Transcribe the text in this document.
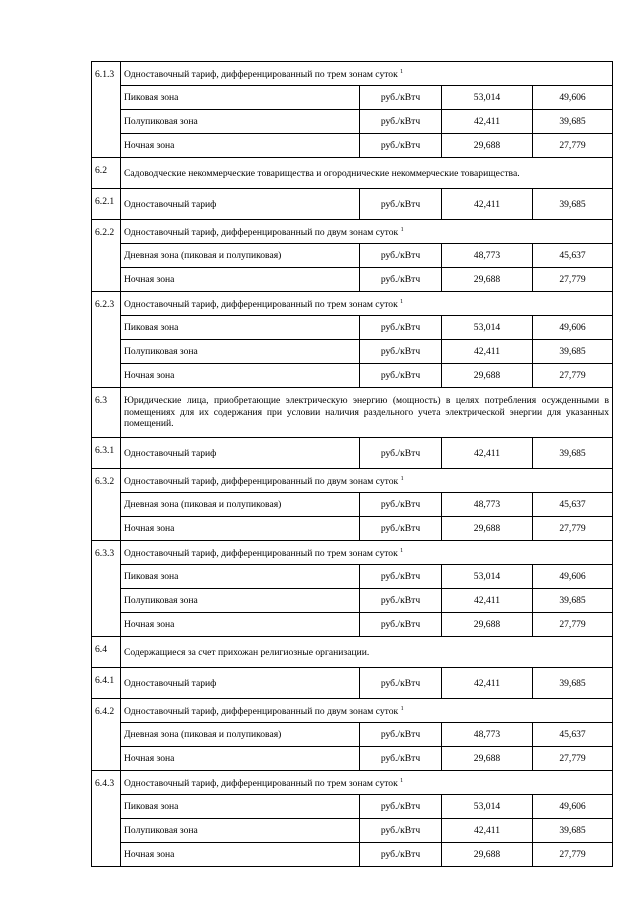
6.1.3	Одноставочный тариф, дифференцированный по трем зонам суток $^1$
	Пиковая зона	руб./кВтч	53,014	49,606
	Полупиковая зона	руб./кВтч	42,411	39,685
	Ночная зона	руб./кВтч	29,688	27,779
6.2	Садоводческие некоммерческие товарищества и огороднические некоммерческие товарищества.			
6.2.1	Одноставочный тариф	руб./кВтч	42,411	39,685
6.2.2	Одноставочный тариф, дифференцированный по двум зонам суток $^1$
	Дневная зона (пиковая и полупиковая)	руб./кВтч	48,773	45,637
	Ночная зона	руб./кВтч	29,688	27,779
6.2.3	Одноставочный тариф, дифференцированный по трем зонам суток $^1$
	Пиковая зона	руб./кВтч	53,014	49,606
	Полупиковая зона	руб./кВтч	42,411	39,685
	Ночная зона	руб./кВтч	29,688	27,779
6.3	Юридические лица, приобретающие электрическую энергию (мощность) в целях потребления осужденными в помещениях для их содержания при условии наличия раздельного учета электрической энергии для указанных помещений.			
6.3.1	Одноставочный тариф	руб./кВтч	42,411	39,685
6.3.2	Одноставочный тариф, дифференцированный по двум зонам суток $^1$
	Дневная зона (пиковая и полупиковая)	руб./кВтч	48,773	45,637
	Ночная зона	руб./кВтч	29,688	27,779
6.3.3	Одноставочный тариф, дифференцированный по трем зонам суток $^1$
	Пиковая зона	руб./кВтч	53,014	49,606
	Полупиковая зона	руб./кВтч	42,411	39,685
	Ночная зона	руб./кВтч	29,688	27,779
6.4	Содержащиеся за счет прихожан религиозные организации.			
6.4.1	Одноставочный тариф	руб./кВтч	42,411	39,685
6.4.2	Одноставочный тариф, дифференцированный по двум зонам суток $^1$
	Дневная зона (пиковая и полупиковая)	руб./кВтч	48,773	45,637
	Ночная зона	руб./кВтч	29,688	27,779
6.4.3	Одноставочный тариф, дифференцированный по трем зонам суток $^1$
	Пиковая зона	руб./кВтч	53,014	49,606
	Полупиковая зона	руб./кВтч	42,411	39,685
	Ночная зона	руб./кВтч	29,688	27,779
